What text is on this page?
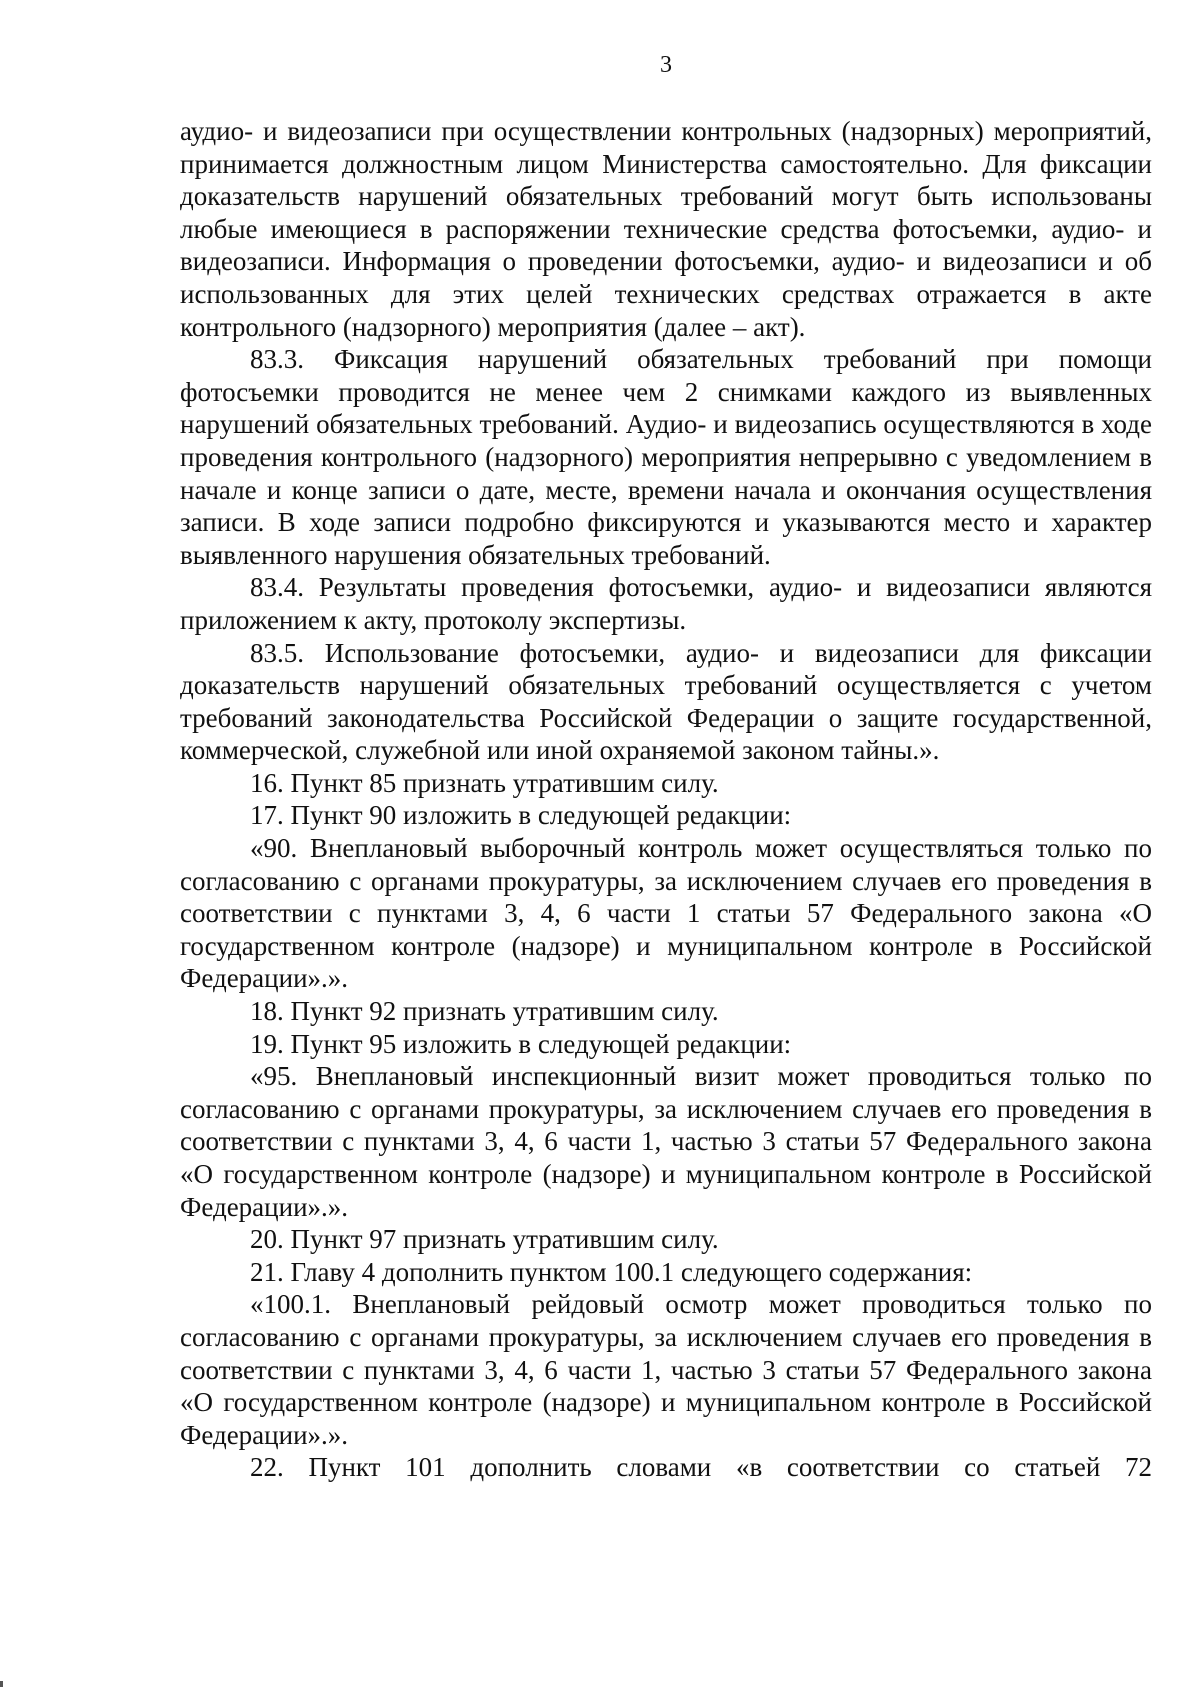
3

аудио- и видеозаписи при осуществлении контрольных (надзорных) мероприятий, принимается должностным лицом Министерства самостоятельно. Для фиксации доказательств нарушений обязательных требований могут быть использованы любые имеющиеся в распоряжении технические средства фотосъемки, аудио- и видеозаписи. Информация о проведении фотосъемки, аудио- и видеозаписи и об использованных для этих целей технических средствах отражается в акте контрольного (надзорного) мероприятия (далее – акт).

83.3. Фиксация нарушений обязательных требований при помощи фотосъемки проводится не менее чем 2 снимками каждого из выявленных нарушений обязательных требований. Аудио- и видеозапись осуществляются в ходе проведения контрольного (надзорного) мероприятия непрерывно с уведомлением в начале и конце записи о дате, месте, времени начала и окончания осуществления записи. В ходе записи подробно фиксируются и указываются место и характер выявленного нарушения обязательных требований.

83.4. Результаты проведения фотосъемки, аудио- и видеозаписи являются приложением к акту, протоколу экспертизы.

83.5. Использование фотосъемки, аудио- и видеозаписи для фиксации доказательств нарушений обязательных требований осуществляется с учетом требований законодательства Российской Федерации о защите государственной, коммерческой, служебной или иной охраняемой законом тайны.».

16. Пункт 85 признать утратившим силу.

17. Пункт 90 изложить в следующей редакции:

«90. Внеплановый выборочный контроль может осуществляться только по согласованию с органами прокуратуры, за исключением случаев его проведения в соответствии с пунктами 3, 4, 6 части 1 статьи 57 Федерального закона «О государственном контроле (надзоре) и муниципальном контроле в Российской Федерации».».

18. Пункт 92 признать утратившим силу.

19. Пункт 95 изложить в следующей редакции:

«95. Внеплановый инспекционный визит может проводиться только по согласованию с органами прокуратуры, за исключением случаев его проведения в соответствии с пунктами 3, 4, 6 части 1, частью 3 статьи 57 Федерального закона «О государственном контроле (надзоре) и муниципальном контроле в Российской Федерации».».

20. Пункт 97 признать утратившим силу.

21. Главу 4 дополнить пунктом 100.1 следующего содержания:

«100.1. Внеплановый рейдовый осмотр может проводиться только по согласованию с органами прокуратуры, за исключением случаев его проведения в соответствии с пунктами 3, 4, 6 части 1, частью 3 статьи 57 Федерального закона «О государственном контроле (надзоре) и муниципальном контроле в Российской Федерации».».

22. Пункт 101 дополнить словами «в соответствии со статьей 72
